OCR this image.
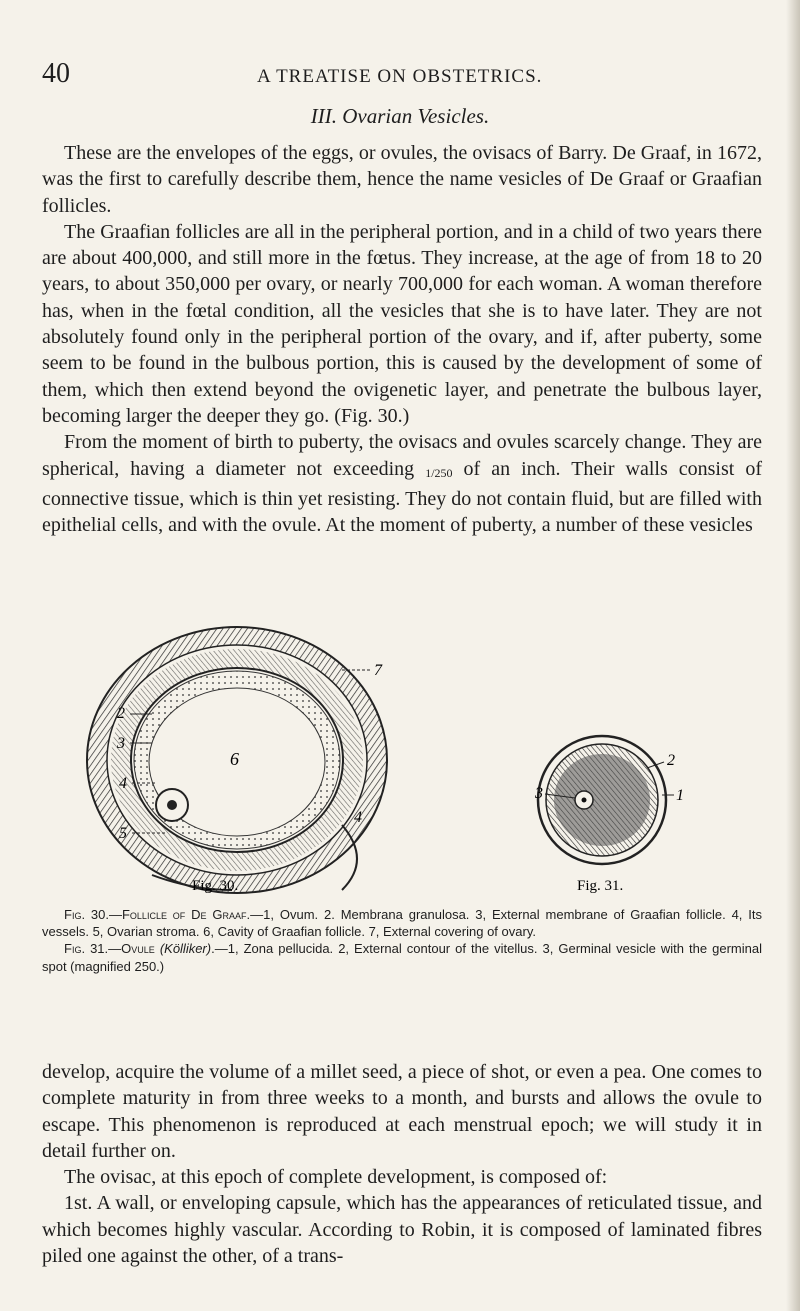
40	A TREATISE ON OBSTETRICS.
III. Ovarian Vesicles.

These are the envelopes of the eggs, or ovules, the ovisacs of Barry. De Graaf, in 1672, was the first to carefully describe them, hence the name vesicles of De Graaf or Graafian follicles.

The Graafian follicles are all in the peripheral portion, and in a child of two years there are about 400,000, and still more in the fœtus. They increase, at the age of from 18 to 20 years, to about 350,000 per ovary, or nearly 700,000 for each woman. A woman therefore has, when in the fœtal condition, all the vesicles that she is to have later. They are not absolutely found only in the peripheral portion of the ovary, and if, after puberty, some seem to be found in the bulbous portion, this is caused by the development of some of them, which then extend beyond the ovigenetic layer, and penetrate the bulbous layer, becoming larger the deeper they go. (Fig. 30.)

From the moment of birth to puberty, the ovisacs and ovules scarcely change. They are spherical, having a diameter not exceeding 1/250 of an inch. Their walls consist of connective tissue, which is thin yet resisting. They do not contain fluid, but are filled with epithelial cells, and with the ovule. At the moment of puberty, a number of these vesicles

2
3
4
5
6
7
4
Fig. 30.
3
2
1
Fig. 31.

Fig. 30.—Follicle of De Graaf.—1, Ovum. 2. Membrana granulosa. 3, External membrane of Graafian follicle. 4, Its vessels. 5, Ovarian stroma. 6, Cavity of Graafian follicle. 7, External covering of ovary.

Fig. 31.—Ovule (Kölliker).—1, Zona pellucida. 2, External contour of the vitellus. 3, Germinal vesicle with the germinal spot (magnified 250.)

develop, acquire the volume of a millet seed, a piece of shot, or even a pea. One comes to complete maturity in from three weeks to a month, and bursts and allows the ovule to escape. This phenomenon is reproduced at each menstrual epoch; we will study it in detail further on.

The ovisac, at this epoch of complete development, is composed of:

1st. A wall, or enveloping capsule, which has the appearances of reticulated tissue, and which becomes highly vascular. According to Robin, it is composed of laminated fibres piled one against the other, of a trans-
